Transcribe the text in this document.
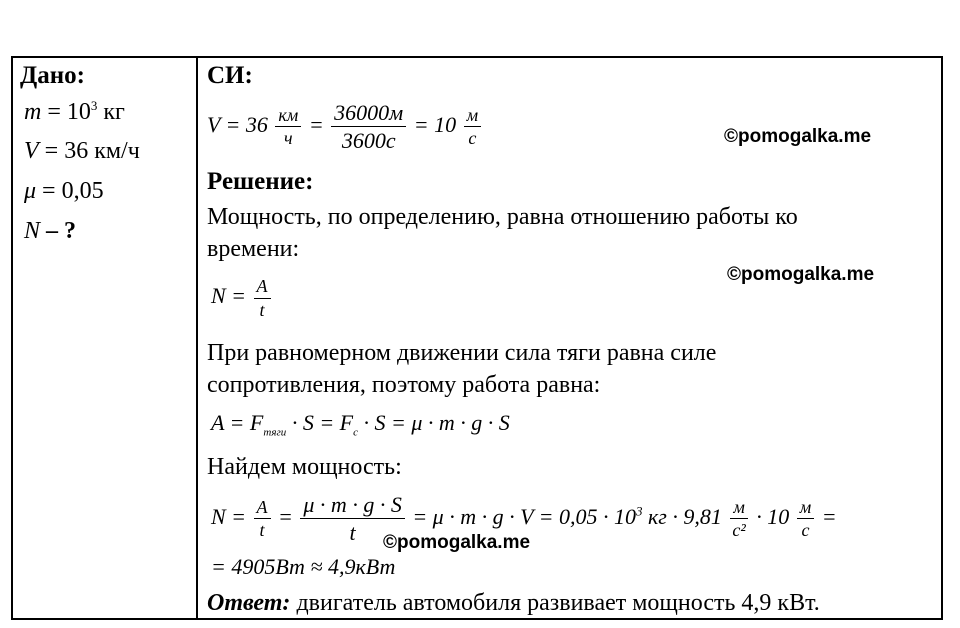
Дано:
$m = 10^3$ кг
V = 36 км/ч
μ = 0,05
N – ?
СИ:
$V = 36 \frac{км}{ч} = \frac{36000м}{3600с} = 10 \frac{м}{с}$	©pomogalka.me
Решение:
Мощность, по определению, равна отношению работы ко
времени:
©pomogalka.me
$N = \frac{A}{t}$
При равномерном движении сила тяги равна силе
сопротивления, поэтому работа равна:
$A = F_{тяги} \cdot S = F_c \cdot S = \mu \cdot m \cdot g \cdot S$
Найдем мощность:
$N = \frac{A}{t} = \frac{\mu \cdot m \cdot g \cdot S}{t} = \mu \cdot m \cdot g \cdot V = 0,05 \cdot 10^3$ кг · $9,81 \frac{м}{\text{с²}} \cdot 10 \frac{м}{с}$ =
©pomogalka.me
= 4905Вт ≈ 4,9кВт
Ответ: двигатель автомобиля развивает мощность 4,9 кВт.
